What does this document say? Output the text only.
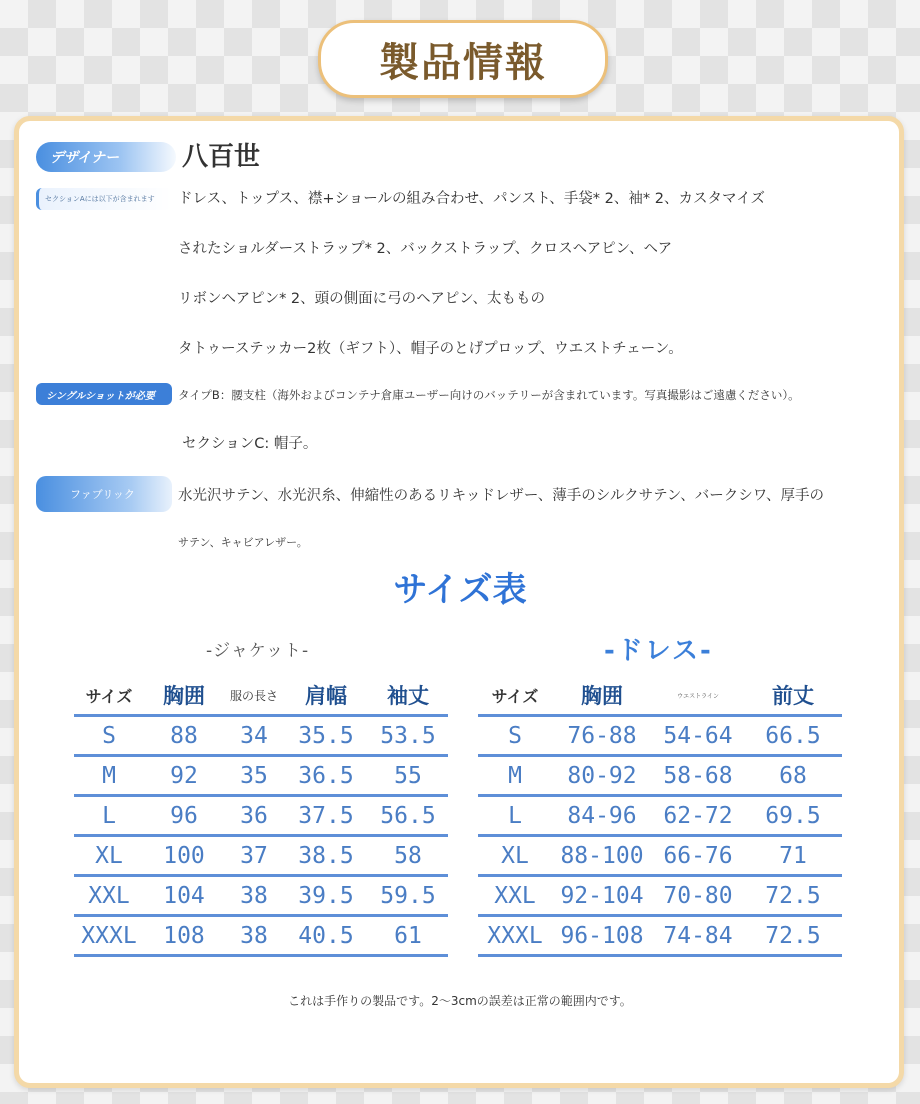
製品情報
デザイナー	八百世
セクションAには以下が含まれます	ドレス、トップス、襟+ショールの組み合わせ、パンスト、手袋* 2、袖* 2、カスタマイズ
されたショルダーストラップ* 2、バックストラップ、クロスヘアピン、ヘア
リボンヘアピン* 2、頭の側面に弓のヘアピン、太ももの
タトゥーステッカー2枚（ギフト）、帽子のとげプロップ、ウエストチェーン。
シングルショットが必要	タイプB：腰支柱（海外およびコンテナ倉庫ユーザー向けのバッテリーが含まれています。写真撮影はご遠慮ください）。
セクションC: 帽子。
ファブリック	水光沢サテン、水光沢糸、伸縮性のあるリキッドレザー、薄手のシルクサテン、バークシワ、厚手の
サテン、キャビアレザー。
サイズ表
-ジャケット-	-ドレス-
サイズ	胸囲	服の長さ	肩幅	袖丈
S	88	34	35.5	53.5
M	92	35	36.5	55
L	96	36	37.5	56.5
XL	100	37	38.5	58
XXL	104	38	39.5	59.5
XXXL	108	38	40.5	61
サイズ	胸囲	ウエストライン	前丈
S	76-88	54-64	66.5
M	80-92	58-68	68
L	84-96	62-72	69.5
XL	88-100	66-76	71
XXL	92-104	70-80	72.5
XXXL	96-108	74-84	72.5
これは手作りの製品です。2〜3cmの誤差は正常の範囲内です。
